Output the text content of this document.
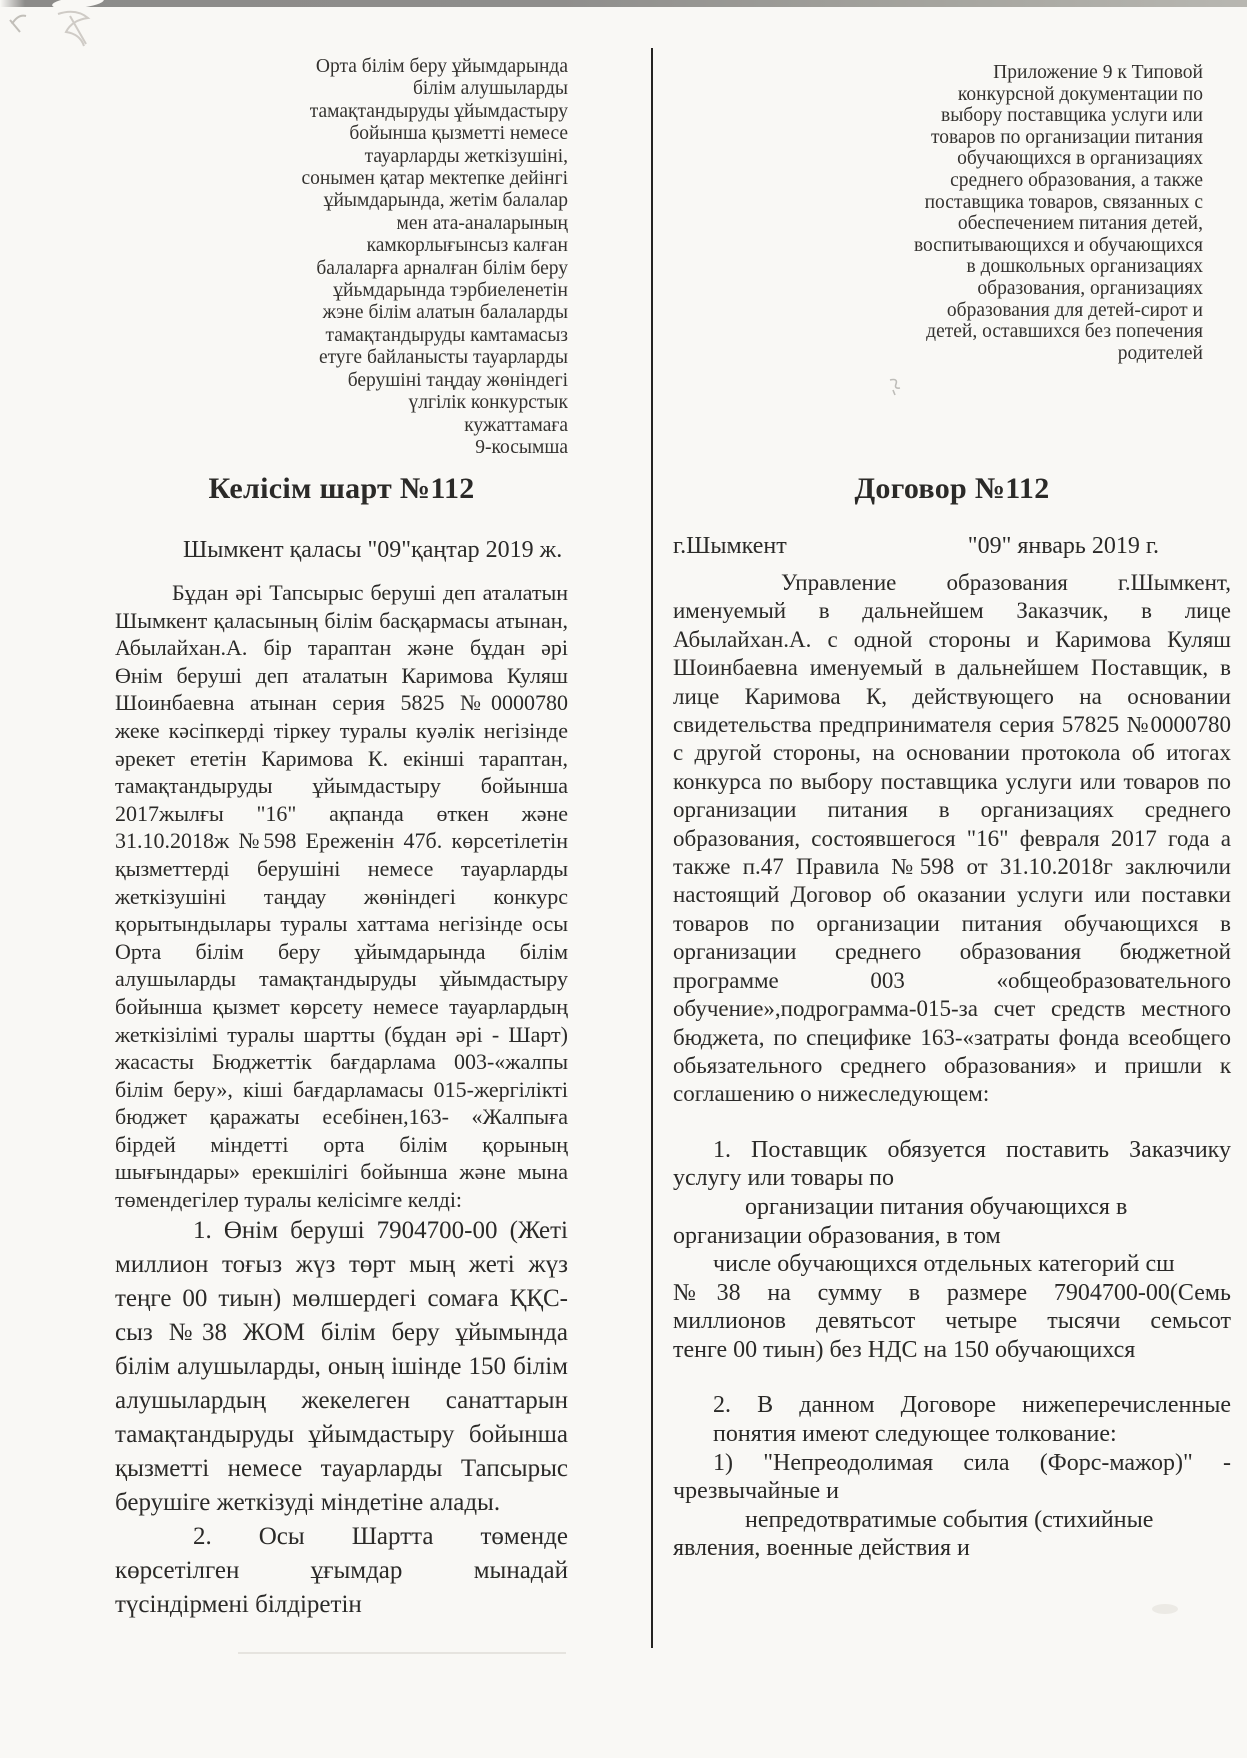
Орта білім беру ұйымдарында
білім алушыларды
тамақтандыруды ұйымдастыру
бойынша қызметті немесе
тауарларды жеткізушіні,
сонымен қатар мектепке дейінгі
ұйымдарында, жетім балалар
мен ата-аналарының
камкорлығынсыз калған
балаларға арналған білім беру
ұйьмдарында тэрбиеленетін
жэне білім алатын балаларды
тамақтандыруды камтамасыз
етуге байланысты тауарларды
берушіні таңдау жөніндегі
үлгілік конкурстык
кужаттамаға
9-косымша
Приложение 9 к Типовой
конкурсной документации по
выбору поставщика услуги или
товаров по организации питания
обучающихся в организациях
среднего образования, а также
поставщика товаров, связанных с
обеспечением питания детей,
воспитывающихся и обучающихся
в дошкольных организациях
образования, организациях
образования для детей-сирот и
детей, оставшихся без попечения
родителей
Келісім шарт №112

Шымкент қаласы "09"қаңтар 2019 ж.

Бұдан әрі Тапсырыс беруші деп аталатын Шымкент қаласының білім басқармасы атынан, Абылайхан.А. бір тараптан және бұдан әрі Өнім беруші деп аталатын Каримова Куляш Шоинбаевна атынан серия 5825 №0000780 жеке кәсіпкерді тіркеу туралы куәлік негізінде әрекет ететін Каримова К. екінші тараптан, тамақтандыруды ұйымдастыру бойынша 2017жылғы "16" ақпанда өткен және 31.10.2018ж №598 Ереженін 47б. көрсетілетін қызметтерді берушіні немесе тауарларды жеткізушіні таңдау жөніндегі конкурс қорытындылары туралы хаттама негізінде осы Орта білім беру ұйымдарында білім алушыларды тамақтандыруды ұйымдастыру бойынша қызмет көрсету немесе тауарлардың жеткізілімі туралы шартты (бұдан әрі - Шарт) жасасты Бюджеттік бағдарлама 003-«жалпы білім беру», кіші бағдарламасы 015-жергілікті бюджет қаражаты есебінен,163- «Жалпыға бірдей міндетті орта білім қорының шығындары» ерекшілігі бойынша және мына төмендегілер туралы келісімге келді:

1. Өнім беруші 7904700-00 (Жеті миллион тоғыз жүз төрт мың жеті жүз теңге 00 тиын) мөлшердегі сомаға ҚҚС-сыз №38 ЖОМ білім беру ұйымында білім алушыларды, оның ішінде 150 білім алушылардың жекелеген санаттарын тамақтандыруды ұйымдастыру бойынша қызметті немесе тауарларды Тапсырыс берушіге жеткізуді міндетіне алады.

2. Осы Шартта төменде көрсетілген ұғымдар мынадай түсіндірмені білдіретін

Договор №112
г.Шымкент	"09" январь 2019 г.

Управление образования г.Шымкент, именуемый в дальнейшем Заказчик, в лице Абылайхан.А. с одной стороны и Каримова Куляш Шоинбаевна именуемый в дальнейшем Поставщик, в лице Каримова К, действующего на основании свидетельства предпринимателя серия 57825 №0000780 с другой стороны, на основании протокола об итогах конкурса по выбору поставщика услуги или товаров по организации питания в организациях среднего образования, состоявшегося "16" февраля 2017 года а также п.47 Правила №598 от 31.10.2018г заключили настоящий Договор об оказании услуги или поставки товаров по организации питания обучающихся в организации среднего образования бюджетной программе 003 «общеобразовательного обучение»,подрограмма-015-за счет средств местного бюджета, по специфике 163-«затраты фонда всеобщего обьязательного среднего образования» и пришли к соглашению о нижеследующем:

1. Поставщик обязуется поставить Заказчику

услугу или товары по

организации питания обучающихся в

организации образования, в том

числе обучающихся отдельных категорий сш

№38 на сумму в размере 7904700-00(Семь

миллионов девятьсот четыре тысячи семьсот

тенге 00 тиын) без НДС на 150 обучающихся

2. В данном Договоре нижеперечисленные

понятия имеют следующее толкование:

1) "Непреодолимая сила (Форс-мажор)" -

чрезвычайные и

непредотвратимые события (стихийные

явления, военные действия и
